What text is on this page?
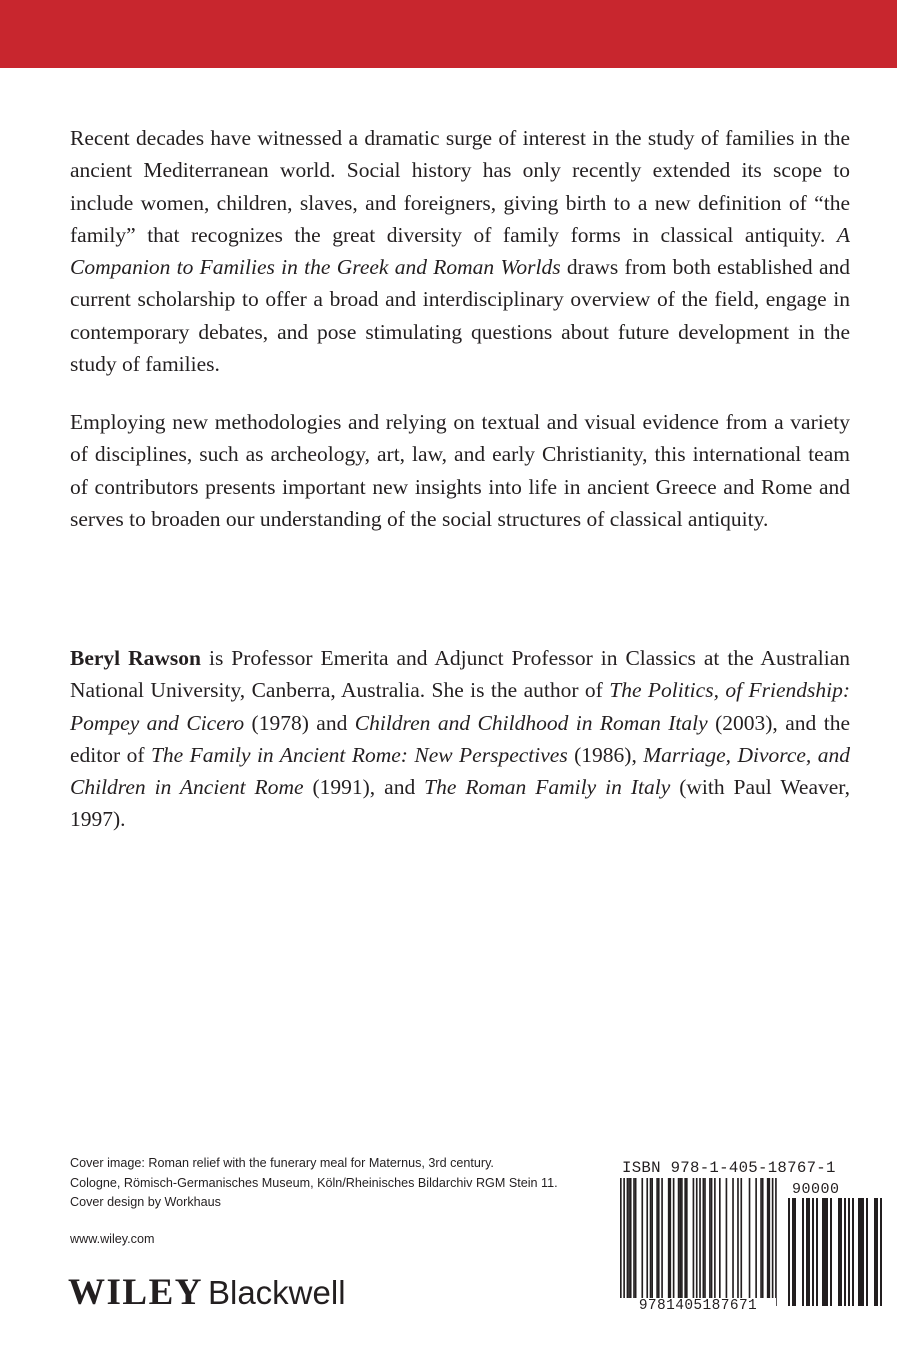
Recent decades have witnessed a dramatic surge of interest in the study of families in the ancient Mediterranean world. Social history has only recently extended its scope to include women, children, slaves, and foreigners, giving birth to a new definition of “the family” that recognizes the great diversity of family forms in classical antiquity. A Companion to Families in the Greek and Roman Worlds draws from both established and current scholarship to offer a broad and interdisciplinary overview of the field, engage in contemporary debates, and pose stimulating questions about future development in the study of families.

Employing new methodologies and relying on textual and visual evidence from a variety of disciplines, such as archeology, art, law, and early Christianity, this international team of contributors presents important new insights into life in ancient Greece and Rome and serves to broaden our understanding of the social structures of classical antiquity.

Beryl Rawson is Professor Emerita and Adjunct Professor in Classics at the Australian National University, Canberra, Australia. She is the author of The Politics, of Friendship: Pompey and Cicero (1978) and Children and Childhood in Roman Italy (2003), and the editor of The Family in Ancient Rome: New Perspectives (1986), Marriage, Divorce, and Children in Ancient Rome (1991), and The Roman Family in Italy (with Paul Weaver, 1997).

Cover image: Roman relief with the funerary meal for Maternus, 3rd century.
Cologne, Römisch-Germanisches Museum, Köln/Rheinisches Bildarchiv RGM Stein 11.
Cover design by Workhaus

www.wiley.com

WILEY Blackwell

ISBN 978-1-405-18767-1

90000

9781405187671
